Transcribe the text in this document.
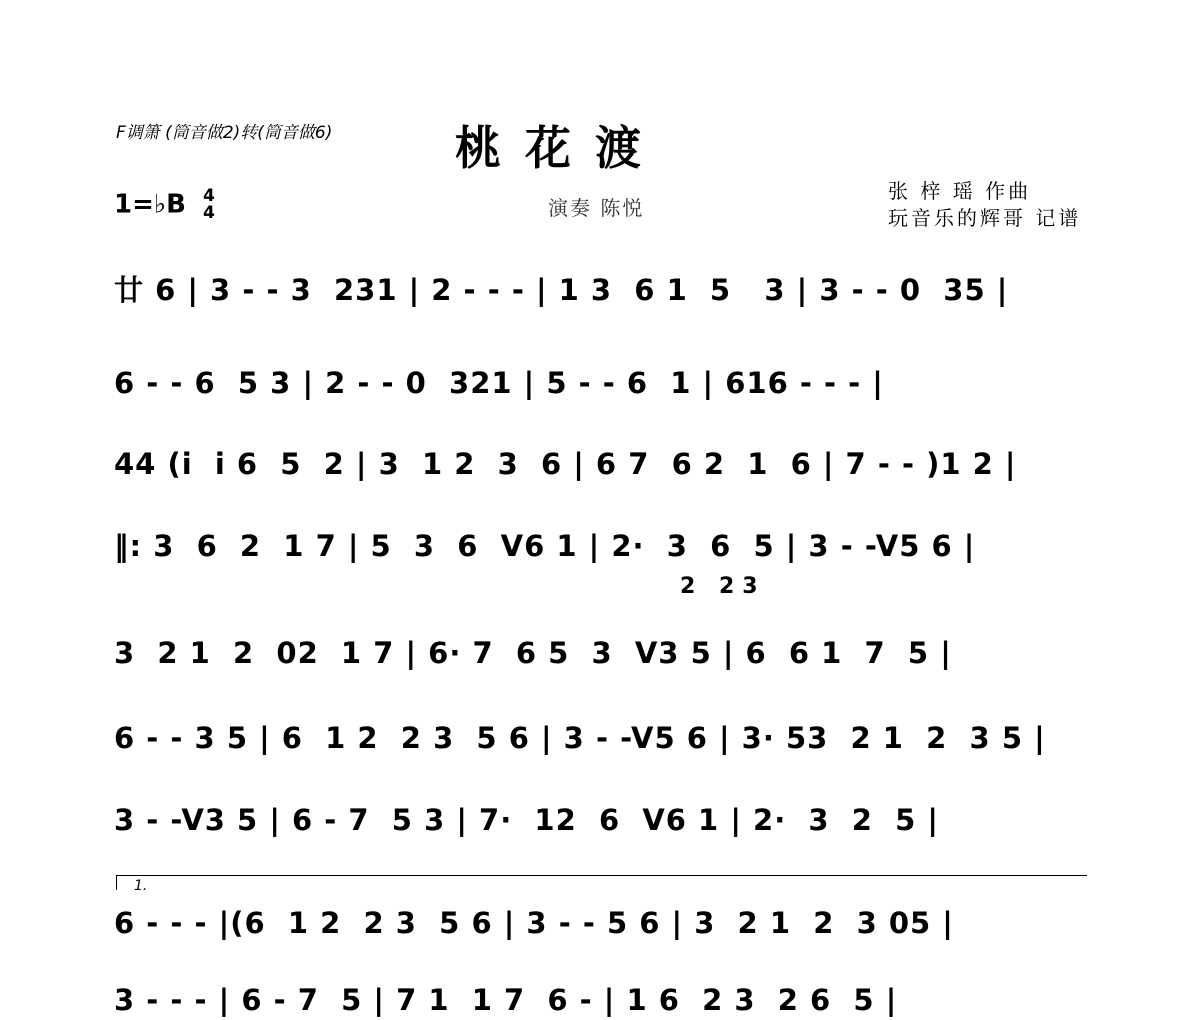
F调箫 (筒音做2)转(筒音做6)	桃 花 渡
1=♭B 4
4	演奏 陈悦
张 梓 瑶 作曲
玩音乐的辉哥 记谱
廿 6 | 3 - - 3  231 | 2 - - - | 1 3  6 1  5   3 | 3 - - 0  35 |
6 - - 6  5 3 | 2 - - 0  321 | 5 - - 6  1 | 616 - - - |
44 (i  i 6  5  2 | 3  1 2  3  6 | 6 7  6 2  1  6 | 7 - - )1 2 |
‖: 3  6  2  1 7 | 5  3  6  V6 1 | 2·  3  6  5 | 3 - -V5 6 |
2 23
3  2 1  2  02  1 7 | 6· 7  6 5  3  V3 5 | 6  6 1  7  5 |
6 - - 3 5 | 6  1 2  2 3  5 6 | 3 - -V5 6 | 3· 53  2 1  2  3 5 |
3 - -V3 5 | 6 - 7  5 3 | 7·  12  6  V6 1 | 2·  3  2  5 |
1.
6 - - - |(6  1 2  2 3  5 6 | 3 - - 5 6 | 3  2 1  2  3 05 |
3 - - - | 6 - 7  5 | 7 1  1 7  6 - | 1 6  2 3  2 6  5 |
